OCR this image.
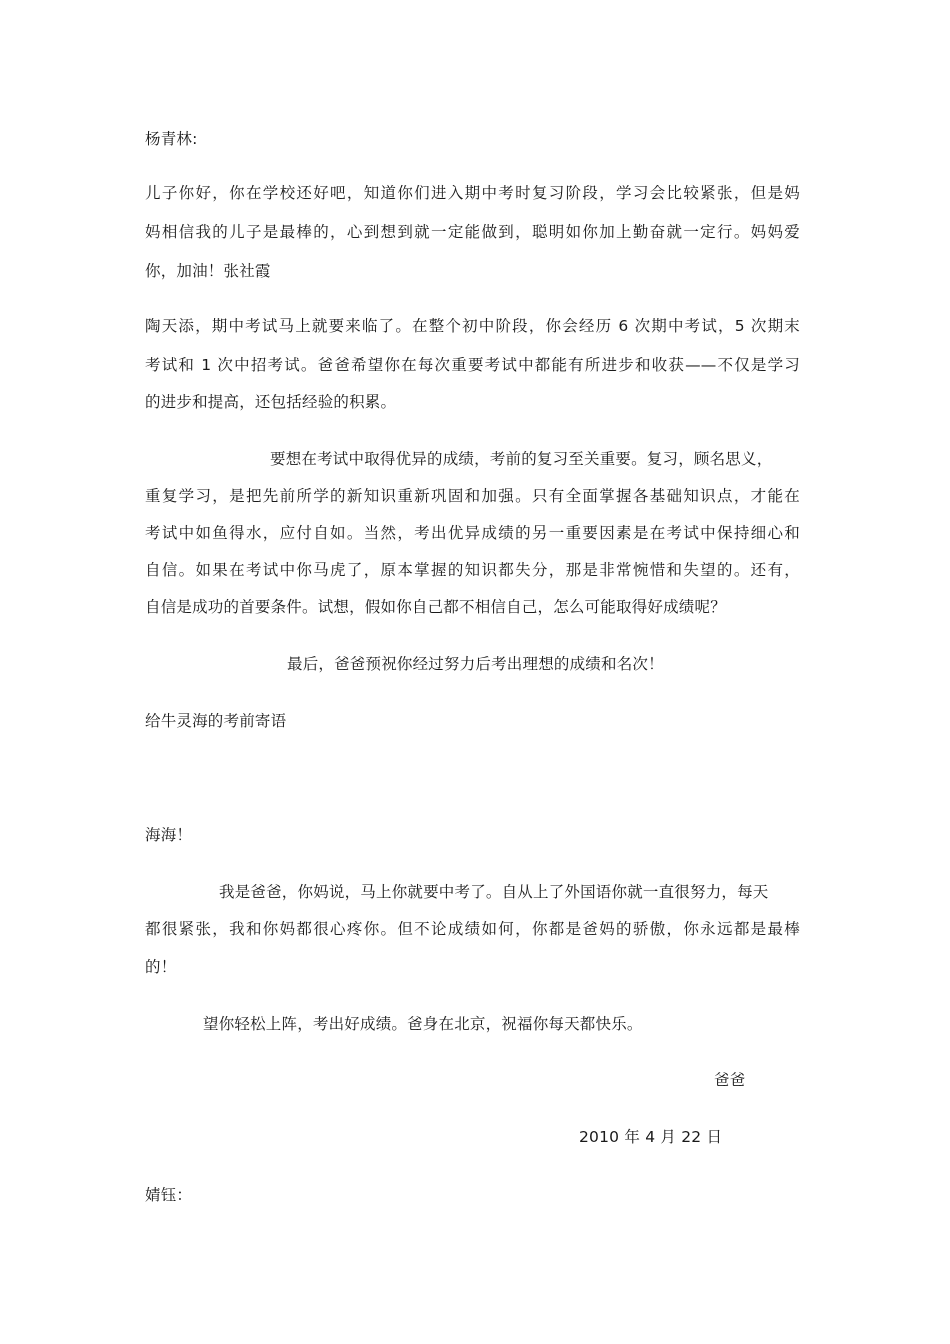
杨青林:
儿子你好，你在学校还好吧，知道你们进入期中考时复习阶段，学习会比较紧张，但是妈
妈相信我的儿子是最棒的，心到想到就一定能做到，聪明如你加上勤奋就一定行。妈妈爱
你，加油！张社霞
陶天添，期中考试马上就要来临了。在整个初中阶段，你会经历 6 次期中考试，5 次期末
考试和 1 次中招考试。爸爸希望你在每次重要考试中都能有所进步和收获——不仅是学习
的进步和提高，还包括经验的积累。
要想在考试中取得优异的成绩，考前的复习至关重要。复习，顾名思义，
重复学习，是把先前所学的新知识重新巩固和加强。只有全面掌握各基础知识点，才能在
考试中如鱼得水，应付自如。当然，考出优异成绩的另一重要因素是在考试中保持细心和
自信。如果在考试中你马虎了，原本掌握的知识都失分，那是非常惋惜和失望的。还有，
自信是成功的首要条件。试想，假如你自己都不相信自己，怎么可能取得好成绩呢？
最后，爸爸预祝你经过努力后考出理想的成绩和名次！
给牛灵海的考前寄语
海海！
我是爸爸，你妈说，马上你就要中考了。自从上了外国语你就一直很努力，每天
都很紧张，我和你妈都很心疼你。但不论成绩如何，你都是爸妈的骄傲，你永远都是最棒
的！
望你轻松上阵，考出好成绩。爸身在北京，祝福你每天都快乐。
爸爸
2010 年 4 月 22 日
婧钰：
